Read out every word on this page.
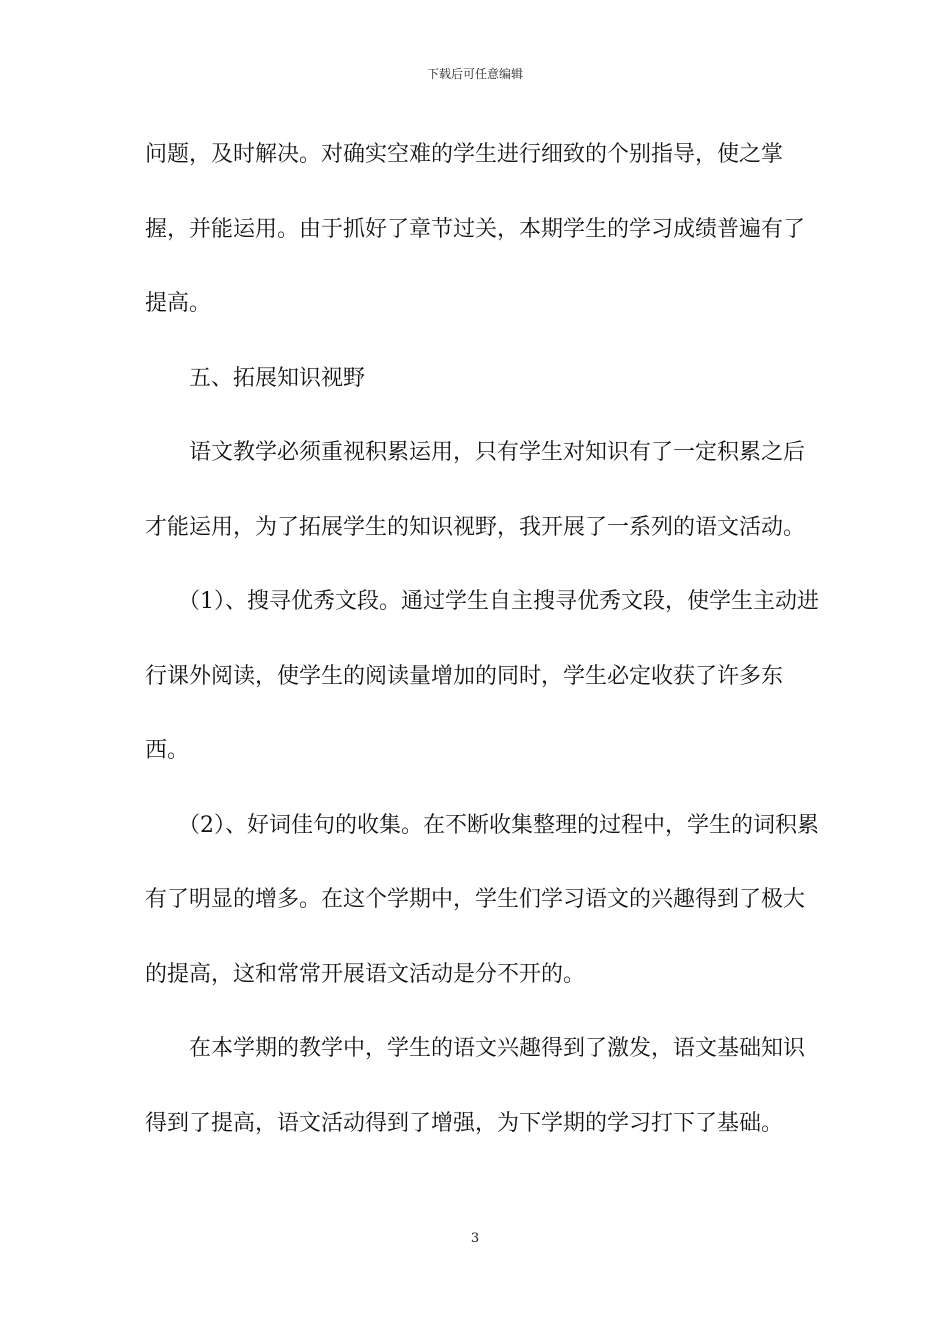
下载后可任意编辑

问题，及时解决。对确实空难的学生进行细致的个别指导，使之掌握，并能运用。由于抓好了章节过关，本期学生的学习成绩普遍有了提高。

　　五、拓展知识视野

　　语文教学必须重视积累运用，只有学生对知识有了一定积累之后才能运用，为了拓展学生的知识视野，我开展了一系列的语文活动。

　　（1）、搜寻优秀文段。通过学生自主搜寻优秀文段，使学生主动进行课外阅读，使学生的阅读量增加的同时，学生必定收获了许多东西。

　　（2）、好词佳句的收集。在不断收集整理的过程中，学生的词积累有了明显的增多。在这个学期中，学生们学习语文的兴趣得到了极大的提高，这和常常开展语文活动是分不开的。

　　在本学期的教学中，学生的语文兴趣得到了激发，语文基础知识得到了提高，语文活动得到了增强，为下学期的学习打下了基础。

3
